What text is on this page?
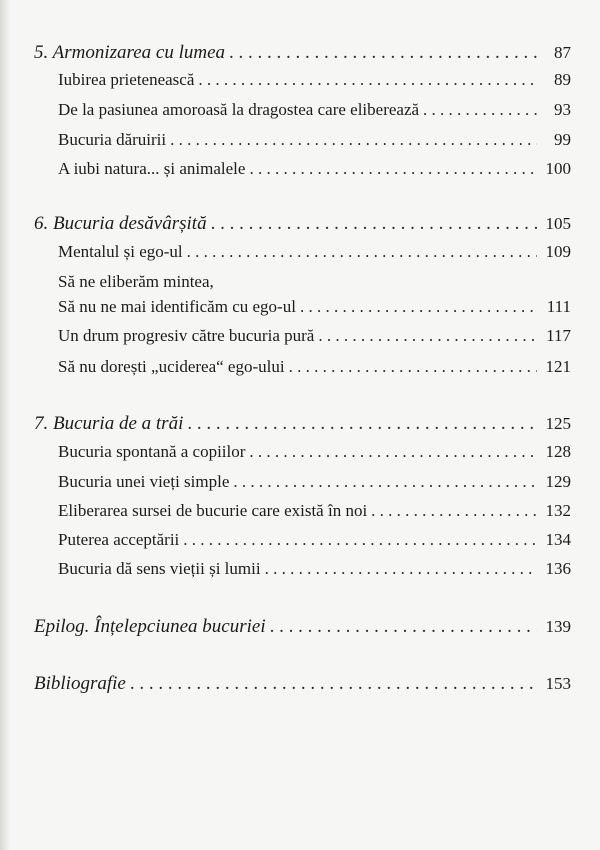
5. Armonizarea cu lumea . . .	87
Iubirea prietenească . . .	89
De la pasiunea amoroasă la dragostea care eliberează . . .	93
Bucuria dăruirii . . .	99
A iubi natura... și animalele . . .	100
6. Bucuria desăvârșită . . .	105
Mentalul și ego-ul . . .	109
Să ne eliberăm mintea,
Să nu ne mai identificăm cu ego-ul . . .	111
Un drum progresiv către bucuria pură . . .	117
Să nu dorești „uciderea“ ego-ului . . .	121
7. Bucuria de a trăi . . .	125
Bucuria spontană a copiilor . . .	128
Bucuria unei vieți simple . . .	129
Eliberarea sursei de bucurie care există în noi . . .	132
Puterea acceptării . . .	134
Bucuria dă sens vieții și lumii . . .	136
Epilog. Înțelepciunea bucuriei . . .	139
Bibliografie . . .	153
